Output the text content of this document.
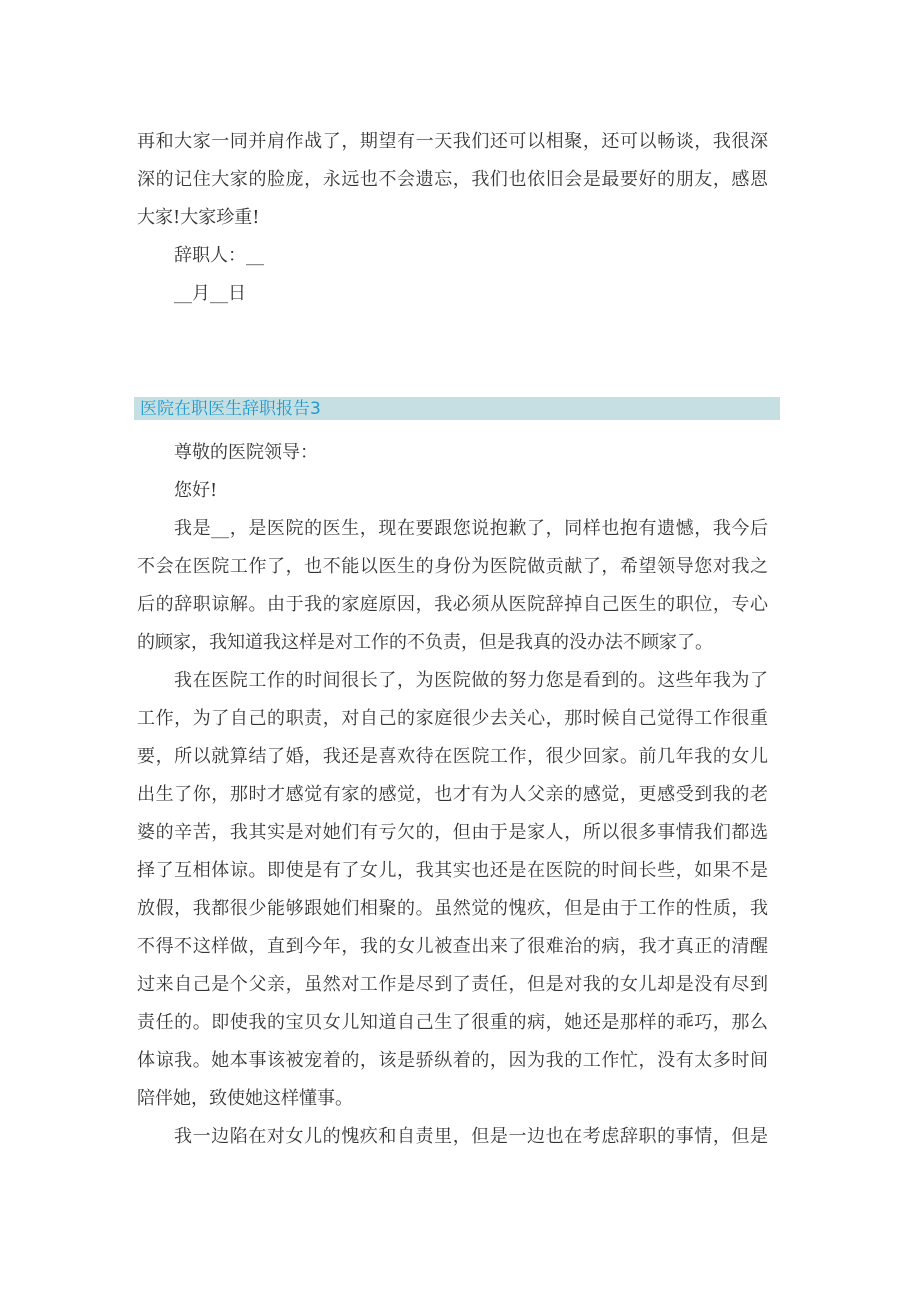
再和大家一同并肩作战了，期望有一天我们还可以相聚，还可以畅谈，我很深
深的记住大家的脸庞，永远也不会遗忘，我们也依旧会是最要好的朋友，感恩
大家!大家珍重!
辞职人：__
__月__日
医院在职医生辞职报告3
尊敬的医院领导：
您好!
我是__，是医院的医生，现在要跟您说抱歉了，同样也抱有遗憾，我今后
不会在医院工作了，也不能以医生的身份为医院做贡献了，希望领导您对我之
后的辞职谅解。由于我的家庭原因，我必须从医院辞掉自己医生的职位，专心
的顾家，我知道我这样是对工作的不负责，但是我真的没办法不顾家了。
我在医院工作的时间很长了，为医院做的努力您是看到的。这些年我为了
工作，为了自己的职责，对自己的家庭很少去关心，那时候自己觉得工作很重
要，所以就算结了婚，我还是喜欢待在医院工作，很少回家。前几年我的女儿
出生了你，那时才感觉有家的感觉，也才有为人父亲的感觉，更感受到我的老
婆的辛苦，我其实是对她们有亏欠的，但由于是家人，所以很多事情我们都选
择了互相体谅。即使是有了女儿，我其实也还是在医院的时间长些，如果不是
放假，我都很少能够跟她们相聚的。虽然觉的愧疚，但是由于工作的性质，我
不得不这样做，直到今年，我的女儿被查出来了很难治的病，我才真正的清醒
过来自己是个父亲，虽然对工作是尽到了责任，但是对我的女儿却是没有尽到
责任的。即使我的宝贝女儿知道自己生了很重的病，她还是那样的乖巧，那么
体谅我。她本事该被宠着的，该是骄纵着的，因为我的工作忙，没有太多时间
陪伴她，致使她这样懂事。
我一边陷在对女儿的愧疚和自责里，但是一边也在考虑辞职的事情，但是
